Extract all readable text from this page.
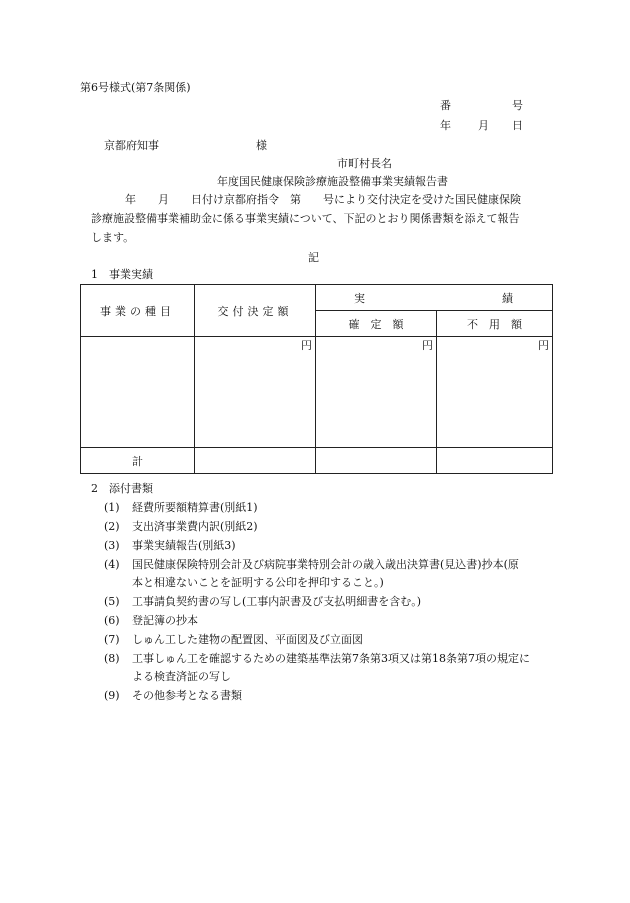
第6号様式(第7条関係)
番	号
年 月 日
京都府知事	様
市町村長名
年度国民健康保険診療施設整備事業実績報告書
年　　月　　日付け京都府指令　第　　号により交付決定を受けた国民健康保険
診療施設整備事業補助金に係る事業実績について、下記のとおり関係書類を添えて報告
します。
記
1　事業実績
事業の種目	交付決定額	実 績	

		確　定　額	不　用　額
	円	円	円
計			
2　添付書類
(1) 経費所要額精算書(別紙1)
(2) 支出済事業費内訳(別紙2)
(3) 事業実績報告(別紙3)
(4) 国民健康保険特別会計及び病院事業特別会計の歳入歳出決算書(見込書)抄本(原
本と相違ないことを証明する公印を押印すること。)
(5) 工事請負契約書の写し(工事内訳書及び支払明細書を含む。)
(6) 登記簿の抄本
(7) しゅん工した建物の配置図、平面図及び立面図
(8) 工事しゅん工を確認するための建築基準法第7条第3項又は第18条第7項の規定に
よる検査済証の写し
(9) その他参考となる書類
